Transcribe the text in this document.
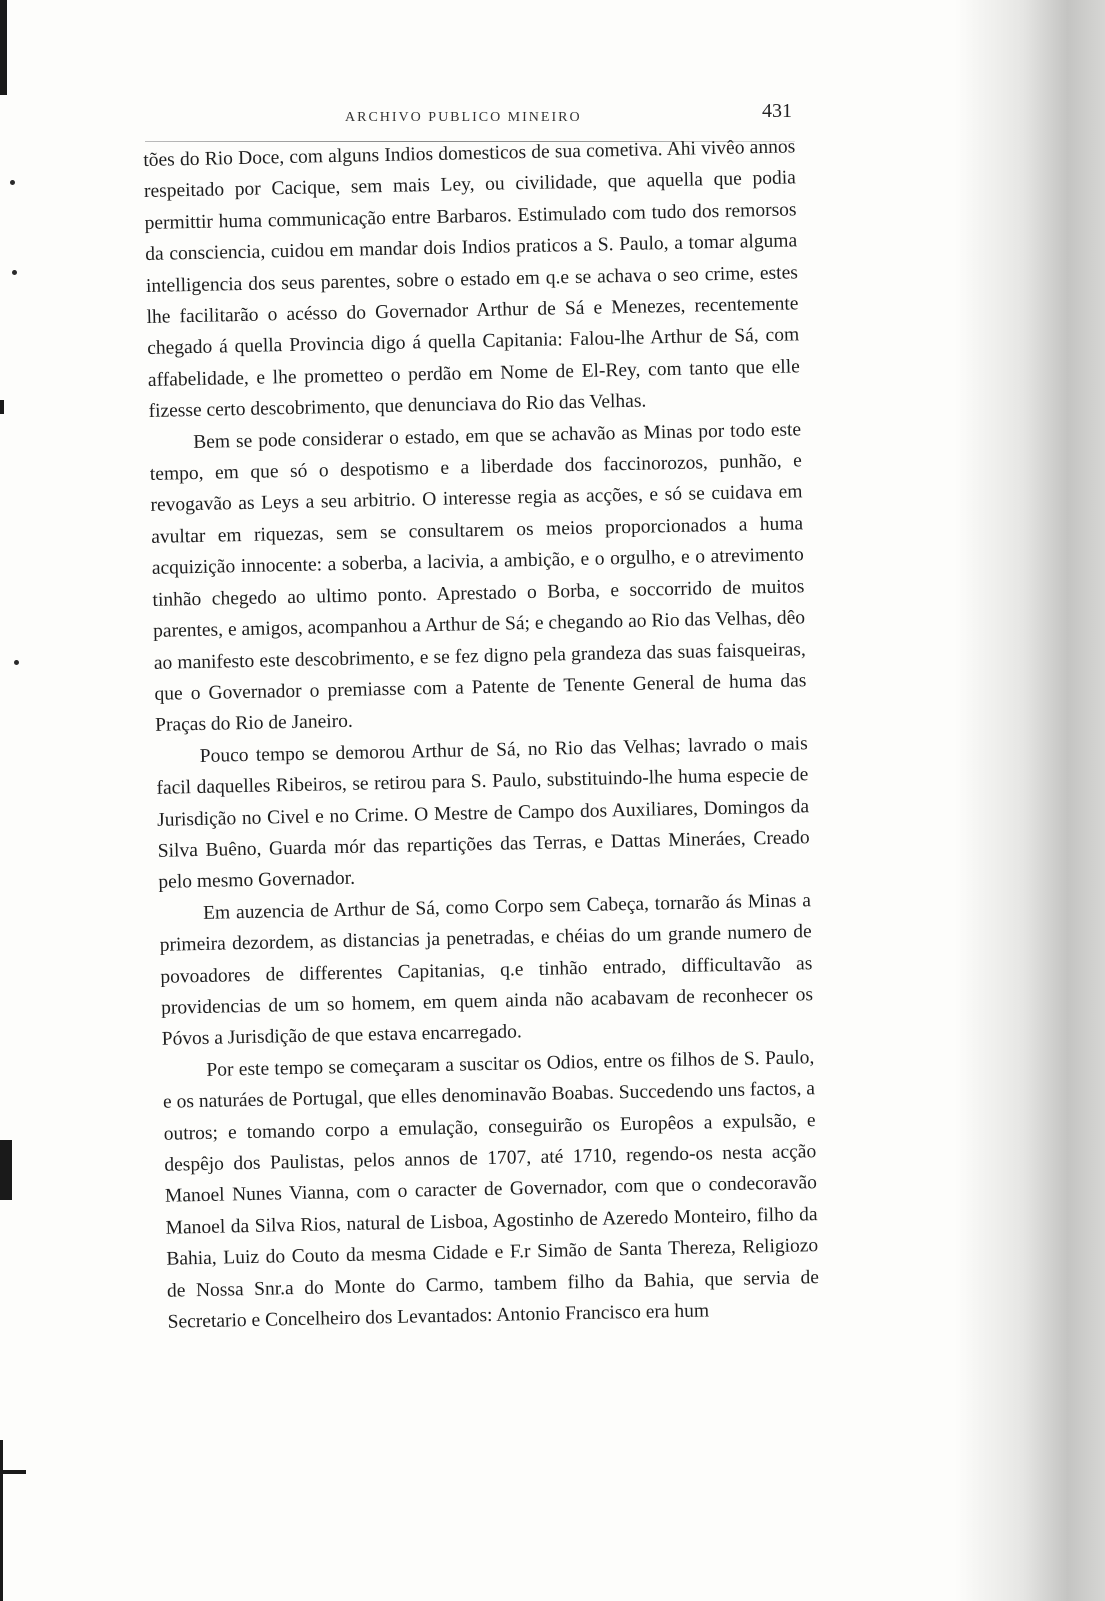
ARCHIVO PUBLICO MINEIRO	431

tões do Rio Doce, com alguns Indios domesticos de sua cometiva. Ahi vivêo annos respeitado por Cacique, sem mais Ley, ou civilidade, que aquella que podia permittir huma communicação entre Barbaros. Estimulado com tudo dos remorsos da consciencia, cuidou em mandar dois Indios praticos a S. Paulo, a tomar alguma intelligencia dos seus parentes, sobre o estado em q.e se achava o seo crime, estes lhe facilitarão o acésso do Governador Arthur de Sá e Menezes, recentemente chegado á quella Provincia digo á quella Capitania: Falou-lhe Arthur de Sá, com affabelidade, e lhe prometteo o perdão em Nome de El-Rey, com tanto que elle fizesse certo descobrimento, que denunciava do Rio das Velhas.

Bem se pode considerar o estado, em que se achavão as Minas por todo este tempo, em que só o despotismo e a liberdade dos faccinorozos, punhão, e revogavão as Leys a seu arbitrio. O interesse regia as acções, e só se cuidava em avultar em riquezas, sem se consultarem os meios proporcionados a huma acquizição innocente: a soberba, a lacivia, a ambição, e o orgulho, e o atrevimento tinhão chegedo ao ultimo ponto. Aprestado o Borba, e soccorrido de muitos parentes, e amigos, acompanhou a Arthur de Sá; e chegando ao Rio das Velhas, dêo ao manifesto este descobrimento, e se fez digno pela grandeza das suas faisqueiras, que o Governador o premiasse com a Patente de Tenente General de huma das Praças do Rio de Janeiro.

Pouco tempo se demorou Arthur de Sá, no Rio das Velhas; lavrado o mais facil daquelles Ribeiros, se retirou para S. Paulo, substituindo-lhe huma especie de Jurisdição no Civel e no Crime. O Mestre de Campo dos Auxiliares, Domingos da Silva Buêno, Guarda mór das repartições das Terras, e Dattas Mineráes, Creado pelo mesmo Governador.

Em auzencia de Arthur de Sá, como Corpo sem Cabeça, tornarão ás Minas a primeira dezordem, as distancias ja penetradas, e chéias do um grande numero de povoadores de differentes Capitanias, q.e tinhão entrado, difficultavão as providencias de um so homem, em quem ainda não acabavam de reconhecer os Póvos a Jurisdição de que estava encarregado.

Por este tempo se começaram a suscitar os Odios, entre os filhos de S. Paulo, e os naturáes de Portugal, que elles denominavão Boabas. Succedendo uns factos, a outros; e tomando corpo a emulação, conseguirão os Europêos a expulsão, e despêjo dos Paulistas, pelos annos de 1707, até 1710, regendo-os nesta acção Manoel Nunes Vianna, com o caracter de Governador, com que o condecoravão Manoel da Silva Rios, natural de Lisboa, Agostinho de Azeredo Monteiro, filho da Bahia, Luiz do Couto da mesma Cidade e F.r Simão de Santa Thereza, Religiozo de Nossa Snr.a do Monte do Carmo, tambem filho da Bahia, que servia de Secretario e Concelheiro dos Levantados: Antonio Francisco era hum
